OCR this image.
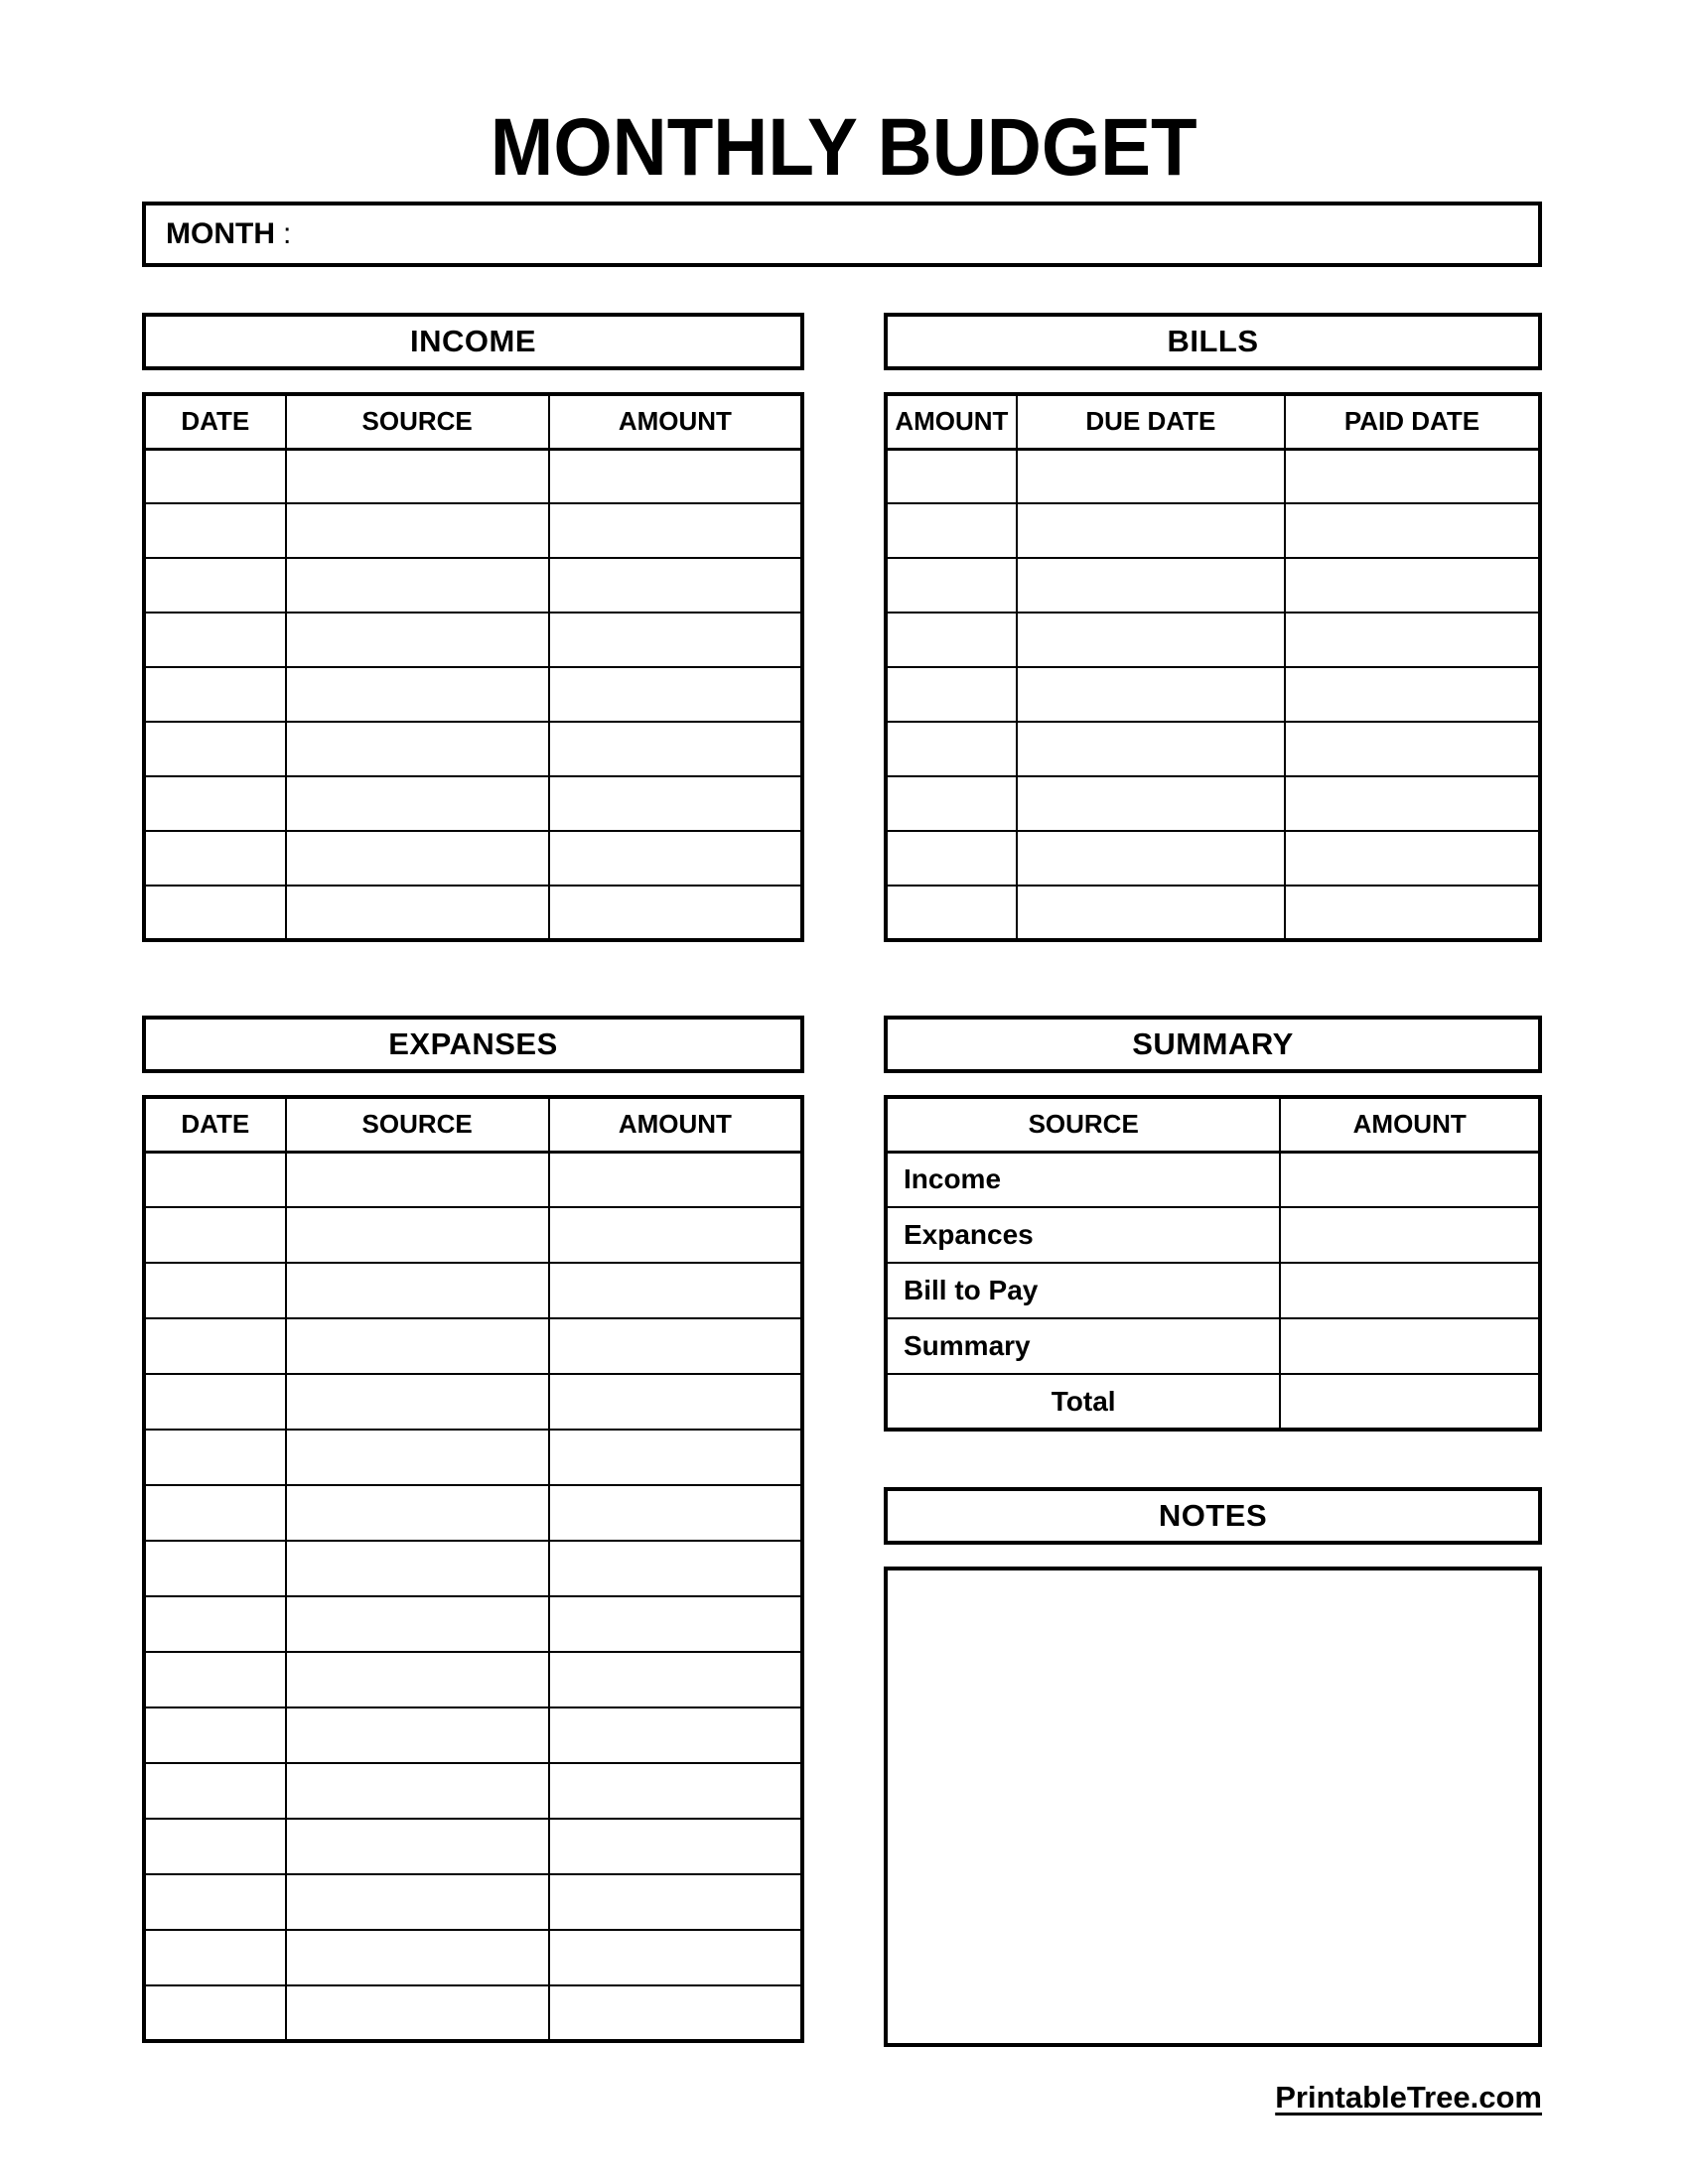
MONTHLY BUDGET
MONTH :
INCOME
DATE	SOURCE	AMOUNT

EXPANSES
DATE	SOURCE	AMOUNT

BILLS
AMOUNT	DUE DATE	PAID DATE

SUMMARY
SOURCE	AMOUNT
Income	
Expances	
Bill to Pay	
Summary	
Total	
NOTES
PrintableTree.com
